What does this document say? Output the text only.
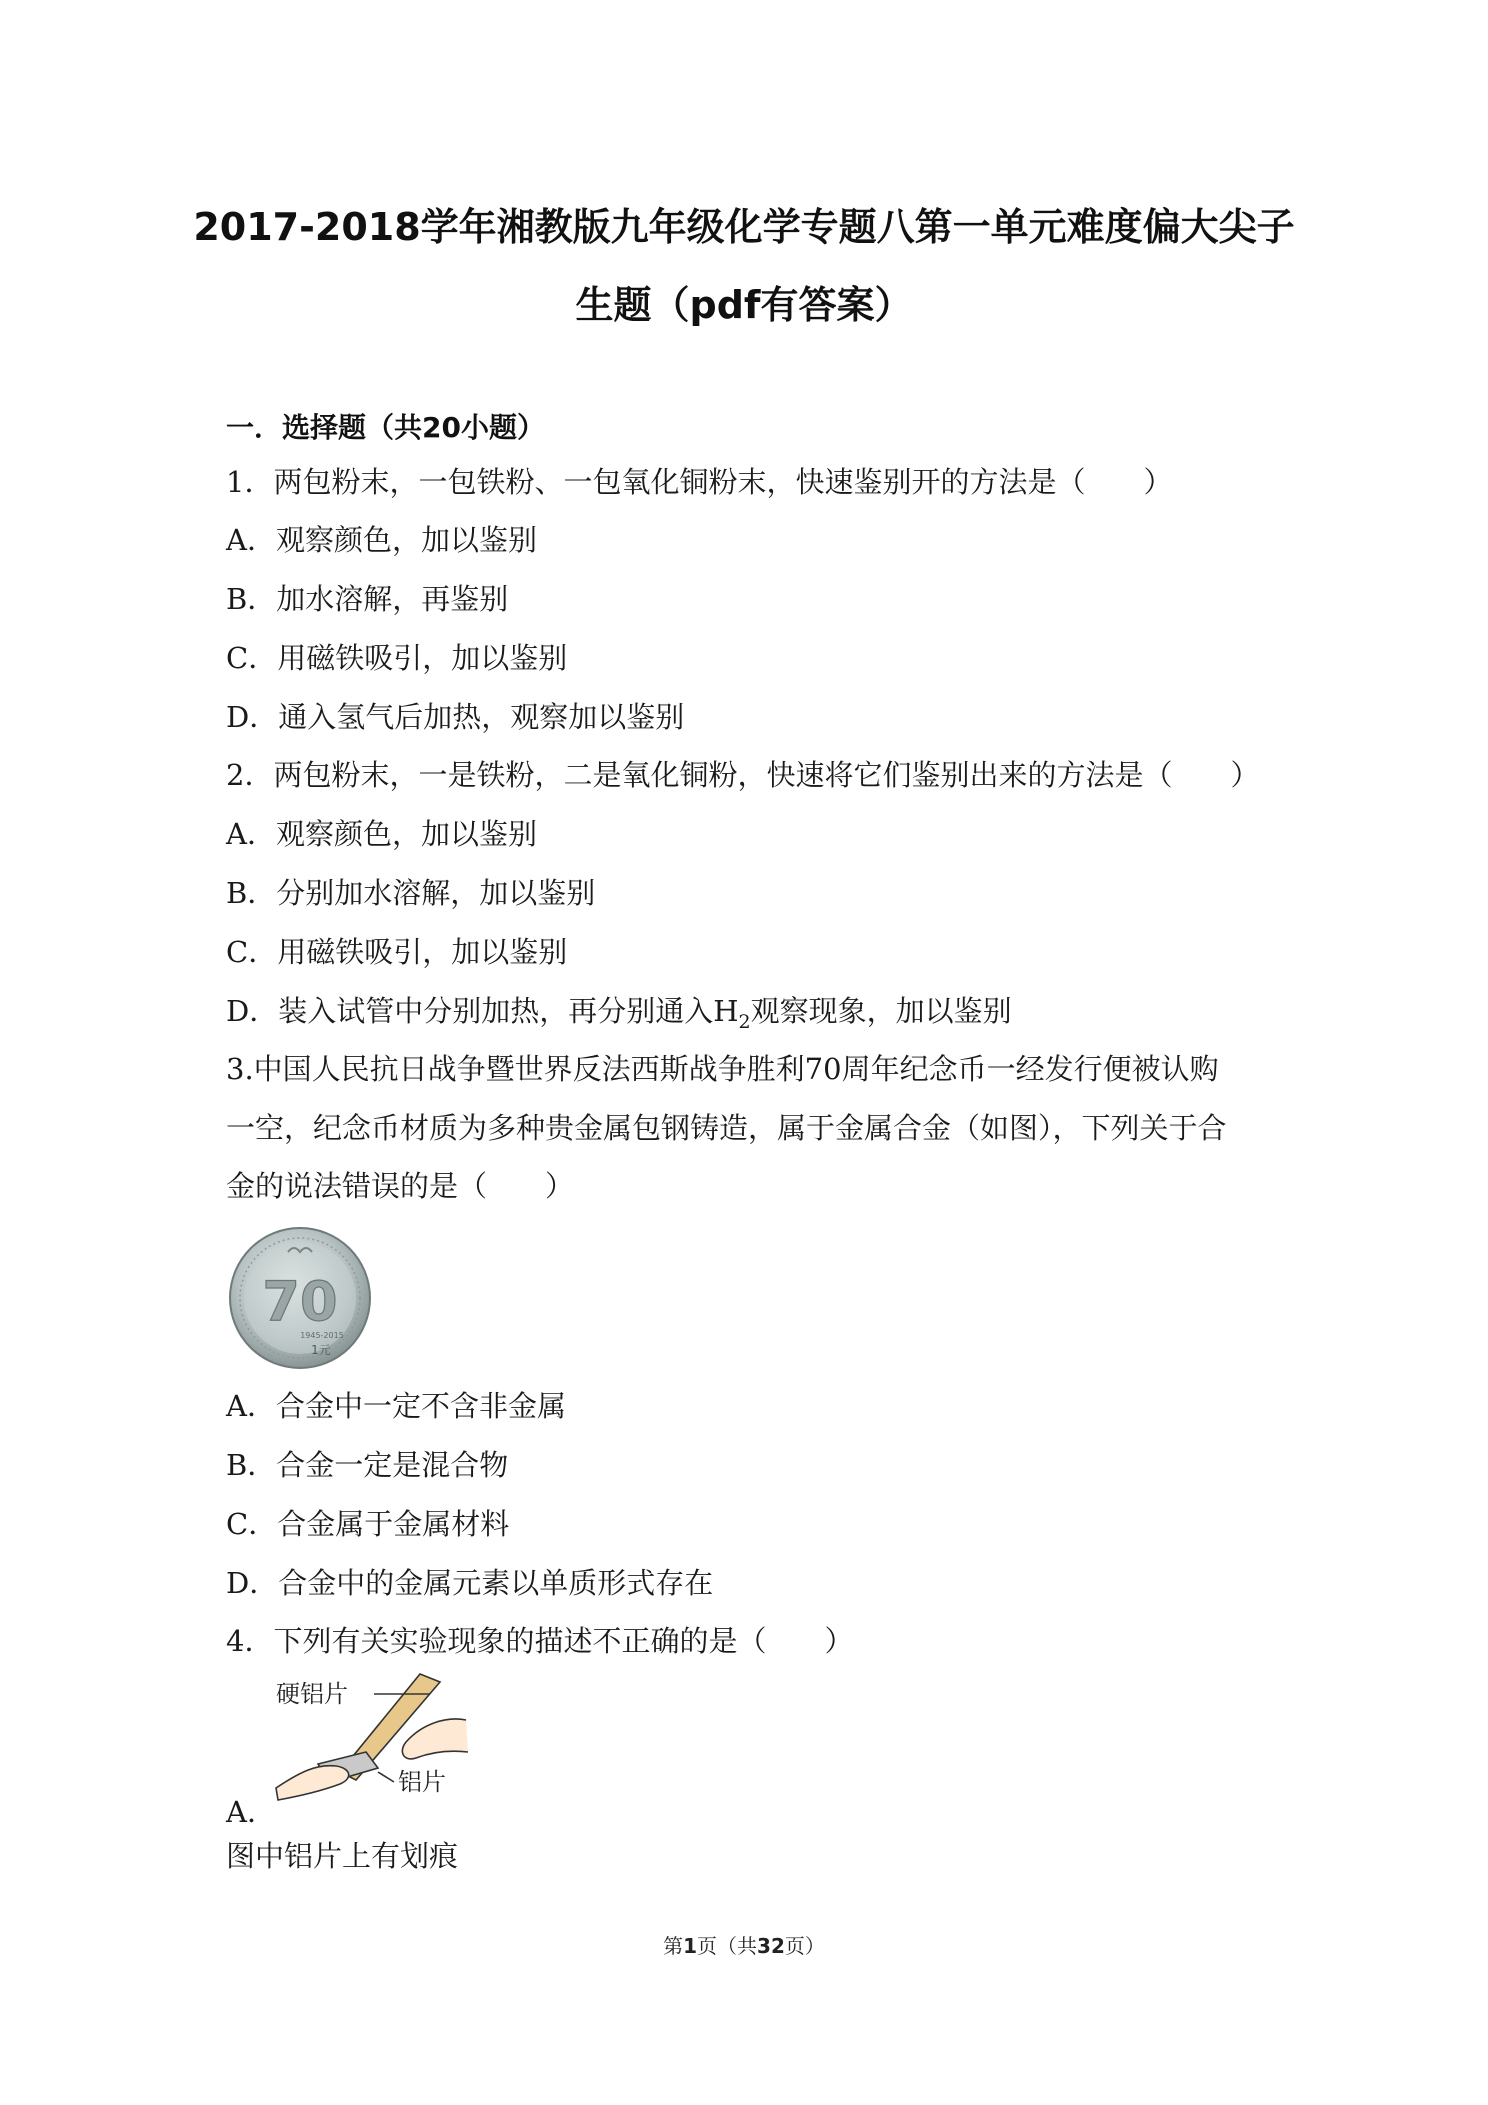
2017-2018学年湘教版九年级化学专题八第一单元难度偏大尖子
生题（pdf有答案）
一．选择题（共20小题）
1．两包粉末，一包铁粉、一包氧化铜粉末，快速鉴别开的方法是（　　）
A．观察颜色，加以鉴别
B．加水溶解，再鉴别
C．用磁铁吸引，加以鉴别
D．通入氢气后加热，观察加以鉴别
2．两包粉末，一是铁粉，二是氧化铜粉，快速将它们鉴别出来的方法是（　　）
A．观察颜色，加以鉴别
B．分别加水溶解，加以鉴别
C．用磁铁吸引，加以鉴别
D．装入试管中分别加热，再分别通入$H_2$观察现象，加以鉴别
3.中国人民抗日战争暨世界反法西斯战争胜利70周年纪念币一经发行便被认购
一空，纪念币材质为多种贵金属包钢铸造，属于金属合金（如图），下列关于合
金的说法错误的是（　　）
70
1945-2015
1元
A．合金中一定不含非金属
B．合金一定是混合物
C．合金属于金属材料
D．合金中的金属元素以单质形式存在
4．下列有关实验现象的描述不正确的是（　　）
硬铝片
铝片
A．
图中铝片上有划痕
第1页（共32页）
